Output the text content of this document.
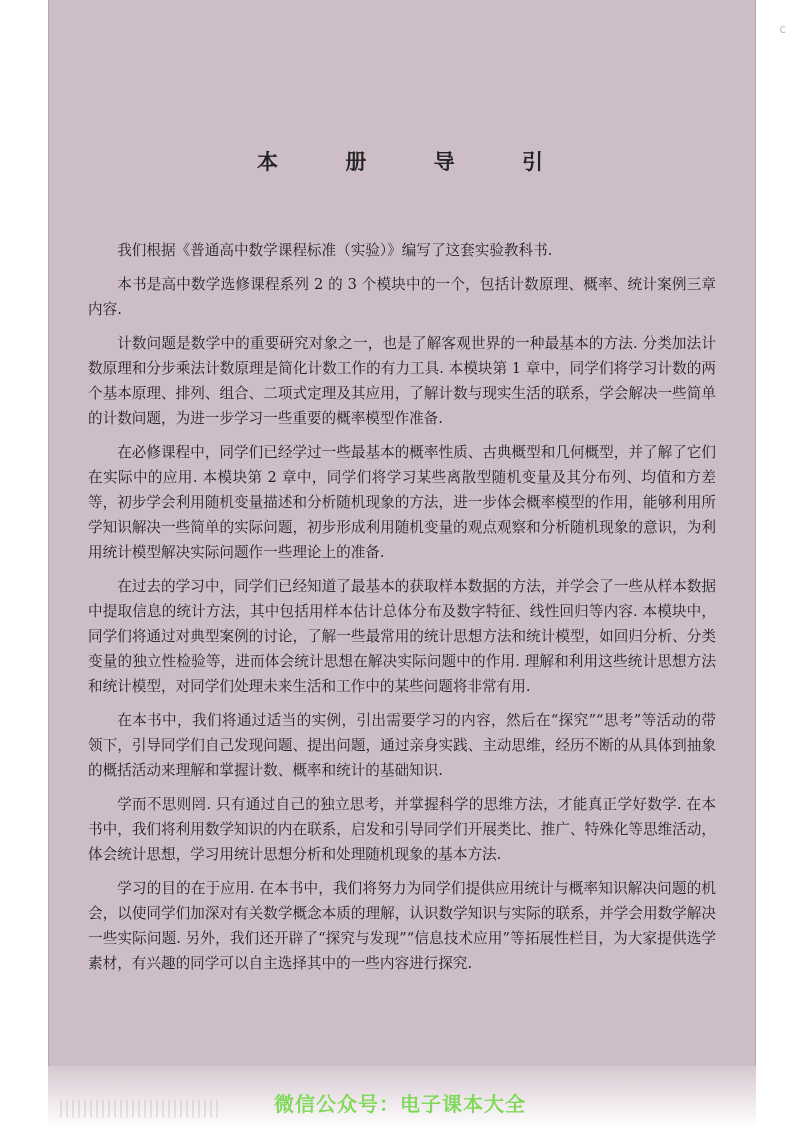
c
本 册 导 引

我们根据《普通高中数学课程标准（实验）》编写了这套实验教科书.

本书是高中数学选修课程系列 2 的 3 个模块中的一个，包括计数原理、概率、统计案例三章内容.

计数问题是数学中的重要研究对象之一，也是了解客观世界的一种最基本的方法. 分类加法计数原理和分步乘法计数原理是简化计数工作的有力工具. 本模块第 1 章中，同学们将学习计数的两个基本原理、排列、组合、二项式定理及其应用，了解计数与现实生活的联系，学会解决一些简单的计数问题，为进一步学习一些重要的概率模型作准备.

在必修课程中，同学们已经学过一些最基本的概率性质、古典概型和几何概型，并了解了它们在实际中的应用. 本模块第 2 章中，同学们将学习某些离散型随机变量及其分布列、均值和方差等，初步学会利用随机变量描述和分析随机现象的方法，进一步体会概率模型的作用，能够利用所学知识解决一些简单的实际问题，初步形成利用随机变量的观点观察和分析随机现象的意识，为利用统计模型解决实际问题作一些理论上的准备.

在过去的学习中，同学们已经知道了最基本的获取样本数据的方法，并学会了一些从样本数据中提取信息的统计方法，其中包括用样本估计总体分布及数字特征、线性回归等内容. 本模块中，同学们将通过对典型案例的讨论，了解一些最常用的统计思想方法和统计模型，如回归分析、分类变量的独立性检验等，进而体会统计思想在解决实际问题中的作用. 理解和利用这些统计思想方法和统计模型，对同学们处理未来生活和工作中的某些问题将非常有用.

在本书中，我们将通过适当的实例，引出需要学习的内容，然后在“探究”“思考”等活动的带领下，引导同学们自己发现问题、提出问题，通过亲身实践、主动思维，经历不断的从具体到抽象的概括活动来理解和掌握计数、概率和统计的基础知识.

学而不思则罔. 只有通过自己的独立思考，并掌握科学的思维方法，才能真正学好数学. 在本书中，我们将利用数学知识的内在联系，启发和引导同学们开展类比、推广、特殊化等思维活动，体会统计思想，学习用统计思想分析和处理随机现象的基本方法.

学习的目的在于应用. 在本书中，我们将努力为同学们提供应用统计与概率知识解决问题的机会，以使同学们加深对有关数学概念本质的理解，认识数学知识与实际的联系，并学会用数学解决一些实际问题. 另外，我们还开辟了“探究与发现”“信息技术应用”等拓展性栏目，为大家提供选学素材，有兴趣的同学可以自主选择其中的一些内容进行探究.

微信公众号：电子课本大全
